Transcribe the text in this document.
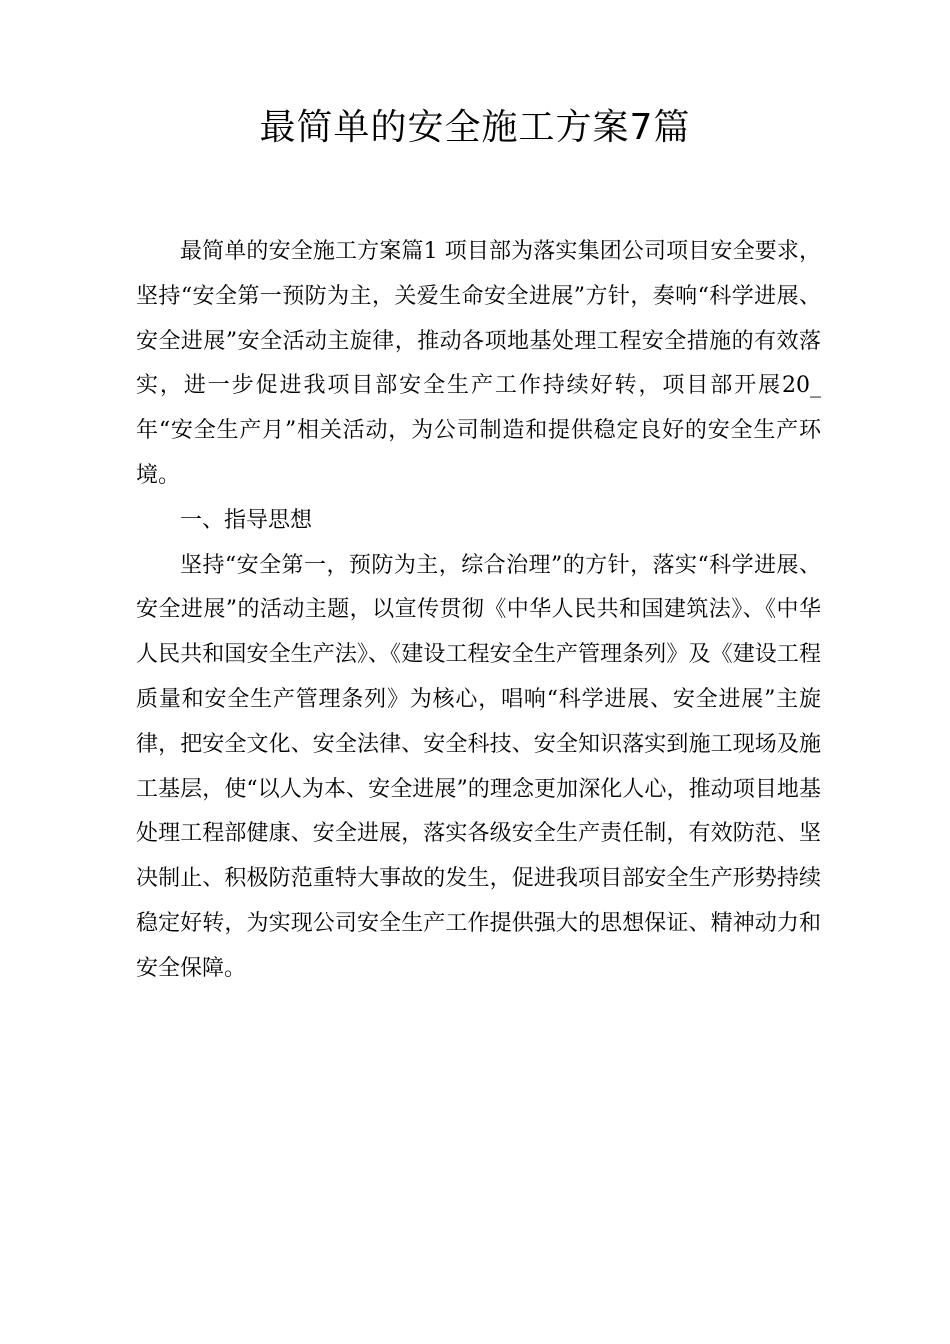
最简单的安全施工方案7篇

最简单的安全施工方案篇1 项目部为落实集团公司项目安全要求，坚持“安全第一预防为主，关爱生命安全进展”方针，奏响“科学进展、安全进展”安全活动主旋律，推动各项地基处理工程安全措施的有效落实，进一步促进我项目部安全生产工作持续好转，项目部开展20_年“安全生产月”相关活动，为公司制造和提供稳定良好的安全生产环境。

一、指导思想

坚持“安全第一，预防为主，综合治理”的方针，落实“科学进展、安全进展”的活动主题，以宣传贯彻《中华人民共和国建筑法》、《中华人民共和国安全生产法》、《建设工程安全生产管理条列》及《建设工程质量和安全生产管理条列》为核心，唱响“科学进展、安全进展”主旋律，把安全文化、安全法律、安全科技、安全知识落实到施工现场及施工基层，使“以人为本、安全进展”的理念更加深化人心，推动项目地基处理工程部健康、安全进展，落实各级安全生产责任制，有效防范、坚决制止、积极防范重特大事故的发生，促进我项目部安全生产形势持续稳定好转，为实现公司安全生产工作提供强大的思想保证、精神动力和安全保障。
